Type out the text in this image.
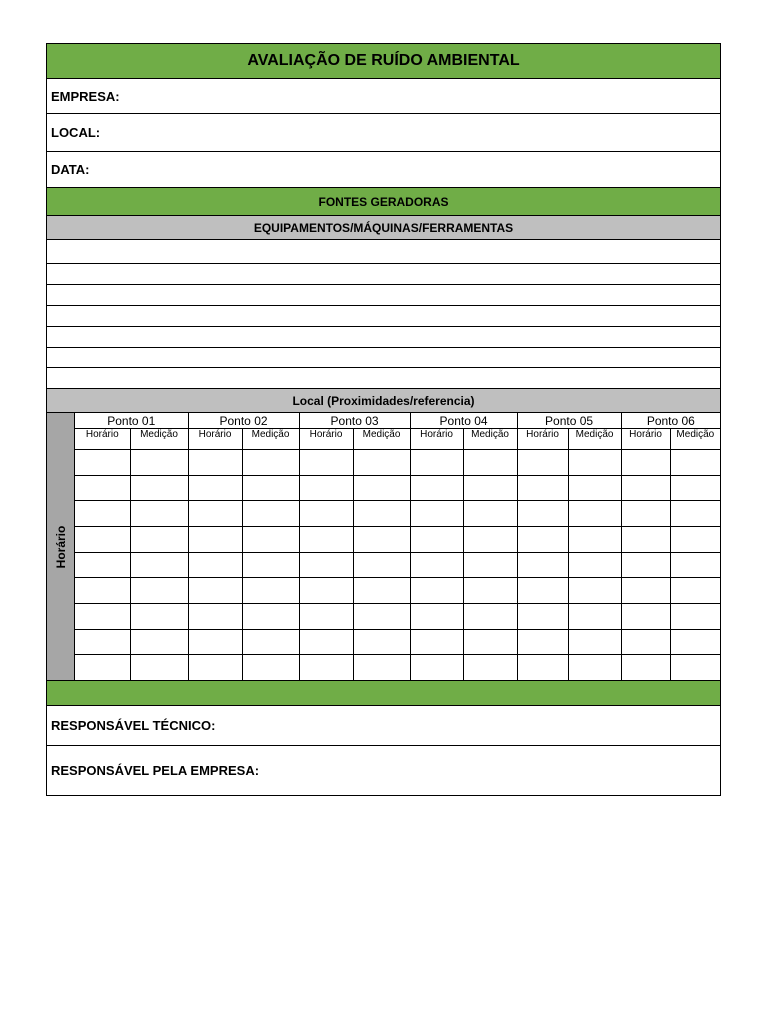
AVALIAÇÃO DE RUÍDO AMBIENTAL
EMPRESA:
LOCAL:
DATA:
FONTES GERADORAS
EQUIPAMENTOS/MÁQUINAS/FERRAMENTAS
Local (Proximidades/referencia)
Horário
Ponto 01		Ponto 02		Ponto 03		Ponto 04		Ponto 05		Ponto 06	
Horário	Medição	Horário	Medição	Horário	Medição	Horário	Medição	Horário	Medição	Horário	Medição

RESPONSÁVEL TÉCNICO:
RESPONSÁVEL PELA EMPRESA:
